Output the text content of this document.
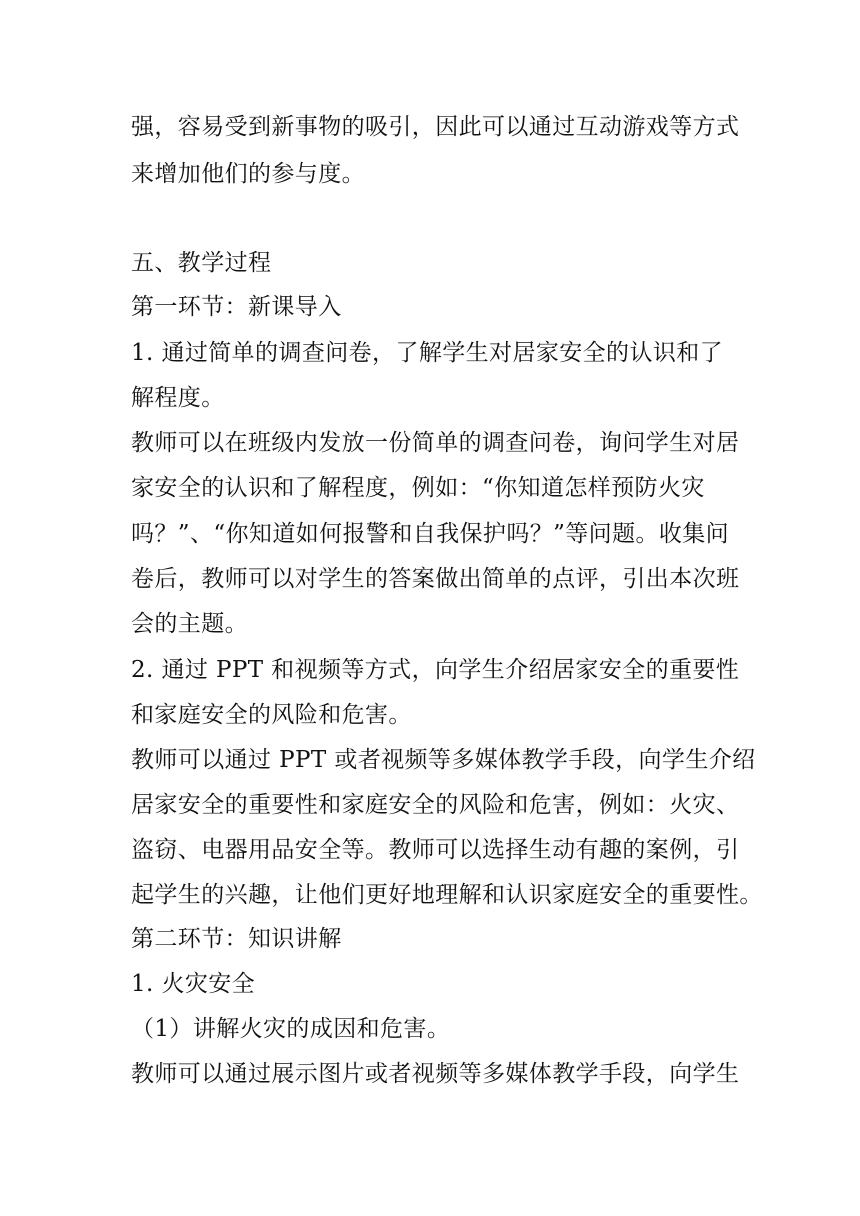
强，容易受到新事物的吸引，因此可以通过互动游戏等方式

来增加他们的参与度。

五、教学过程

第一环节：新课导入

1. 通过简单的调查问卷，了解学生对居家安全的认识和了

解程度。

教师可以在班级内发放一份简单的调查问卷，询问学生对居

家安全的认识和了解程度，例如：“你知道怎样预防火灾

吗？”、“你知道如何报警和自我保护吗？”等问题。收集问

卷后，教师可以对学生的答案做出简单的点评，引出本次班

会的主题。

2. 通过 PPT 和视频等方式，向学生介绍居家安全的重要性

和家庭安全的风险和危害。

教师可以通过 PPT 或者视频等多媒体教学手段，向学生介绍

居家安全的重要性和家庭安全的风险和危害，例如：火灾、

盗窃、电器用品安全等。教师可以选择生动有趣的案例，引

起学生的兴趣，让他们更好地理解和认识家庭安全的重要性。

第二环节：知识讲解

1. 火灾安全

（1）讲解火灾的成因和危害。

教师可以通过展示图片或者视频等多媒体教学手段，向学生
